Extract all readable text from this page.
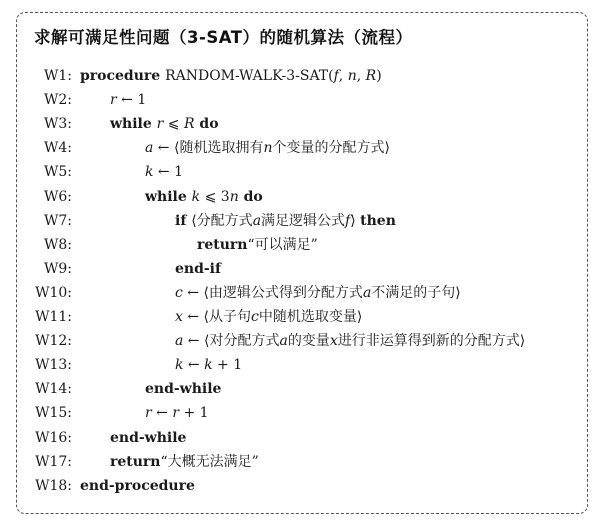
求解可满足性问题（3-SAT）的随机算法（流程）
W1: procedure RANDOM-WALK-3-SAT(f, n, R)
W2:	r ← 1
W3:	while r ⩽ R do
W4:	a ← ⟨随机选取拥有n个变量的分配方式⟩
W5:	k ← 1
W6:	while k ⩽ 3n do
W7:	if ⟨分配方式a满足逻辑公式f⟩ then
W8:	return“可以满足”
W9:	end-if
W10:	c ← ⟨由逻辑公式得到分配方式a不满足的子句⟩
W11:	x ← ⟨从子句c中随机选取变量⟩
W12:	a ← ⟨对分配方式a的变量x进行非运算得到新的分配方式⟩
W13:	k ← k + 1
W14:	end-while
W15:	r ← r + 1
W16:	end-while
W17:	return“大概无法满足”
W18: end-procedure
